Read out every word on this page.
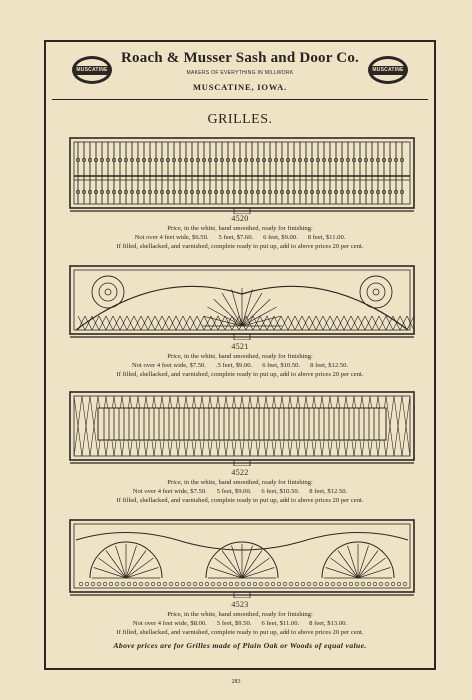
MUSCATINE
Roach & Musser Sash and Door Co.
MAKERS OF EVERYTHING IN MILLWORK
MUSCATINE, IOWA.
MUSCATINE
GRILLES.
4520
Price, in the white, hand smoothed, ready for finishing:
Not over 4 feet wide, $6.50. 5 feet, $7.60. 6 feet, $9.00. 8 feet, $11.00.
If filled, shellacked, and varnished, complete ready to put up, add to above prices 20 per cent.
4521
Price, in the white, hand smoothed, ready for finishing:
Not over 4 feet wide, $7.50. .5 feet, $9.00. 6 feet, $10.50. 8 feet, $12.50.
If filled, shellacked, and varnished, complete ready to put up, add to above prices 20 per cent.
4522
Price, in the white, hand smoothed, ready for finishing:
Not over 4 feet wide, $7.50. 5 feet, $9.00. 6 feet, $10.50. 8 feet, $12.50.
If filled, shellacked, and varnished, complete ready to put up, add to above prices 20 per cent.
4523
Price, in the white, hand smoothed, ready for finishing:
Not over 4 feet wide, $8.00. 5 feet, $9.50. 6 feet, $11.00. 8 feet, $13.00.
If filled, shellacked, and varnished, complete ready to put up, add to above prices 20 per cent.
Above prices are for Grilles made of Plain Oak or Woods of equal value.
283
